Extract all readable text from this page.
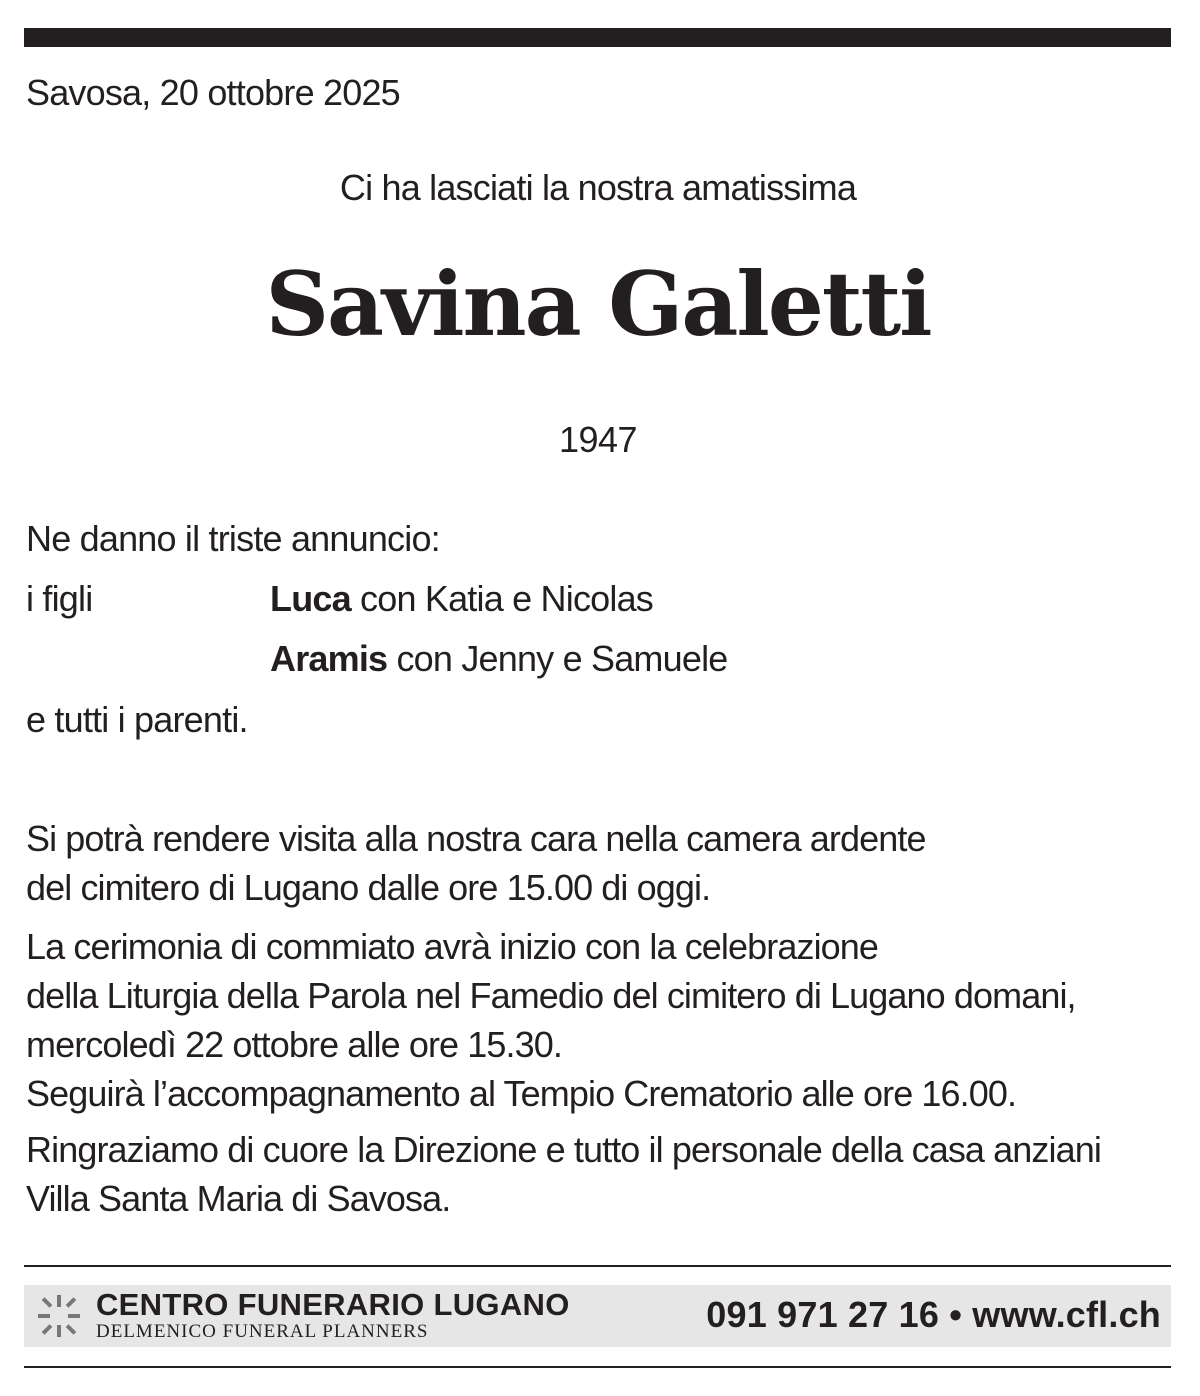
Savosa, 20 ottobre 2025
Ci ha lasciati la nostra amatissima
Savina Galetti
1947
Ne danno il triste annuncio:
i figli	Luca con Katia e Nicolas
Aramis con Jenny e Samuele
e tutti i parenti.
Si potrà rendere visita alla nostra cara nella camera ardente
del cimitero di Lugano dalle ore 15.00 di oggi.
La cerimonia di commiato avrà inizio con la celebrazione
della Liturgia della Parola nel Famedio del cimitero di Lugano domani,
mercoledì 22 ottobre alle ore 15.30.
Seguirà l’accompagnamento al Tempio Crematorio alle ore 16.00.
Ringraziamo di cuore la Direzione e tutto il personale della casa anziani
Villa Santa Maria di Savosa.
CENTRO FUNERARIO LUGANO
DELMENICO FUNERAL PLANNERS	091 971 27 16 • www.cfl.ch
